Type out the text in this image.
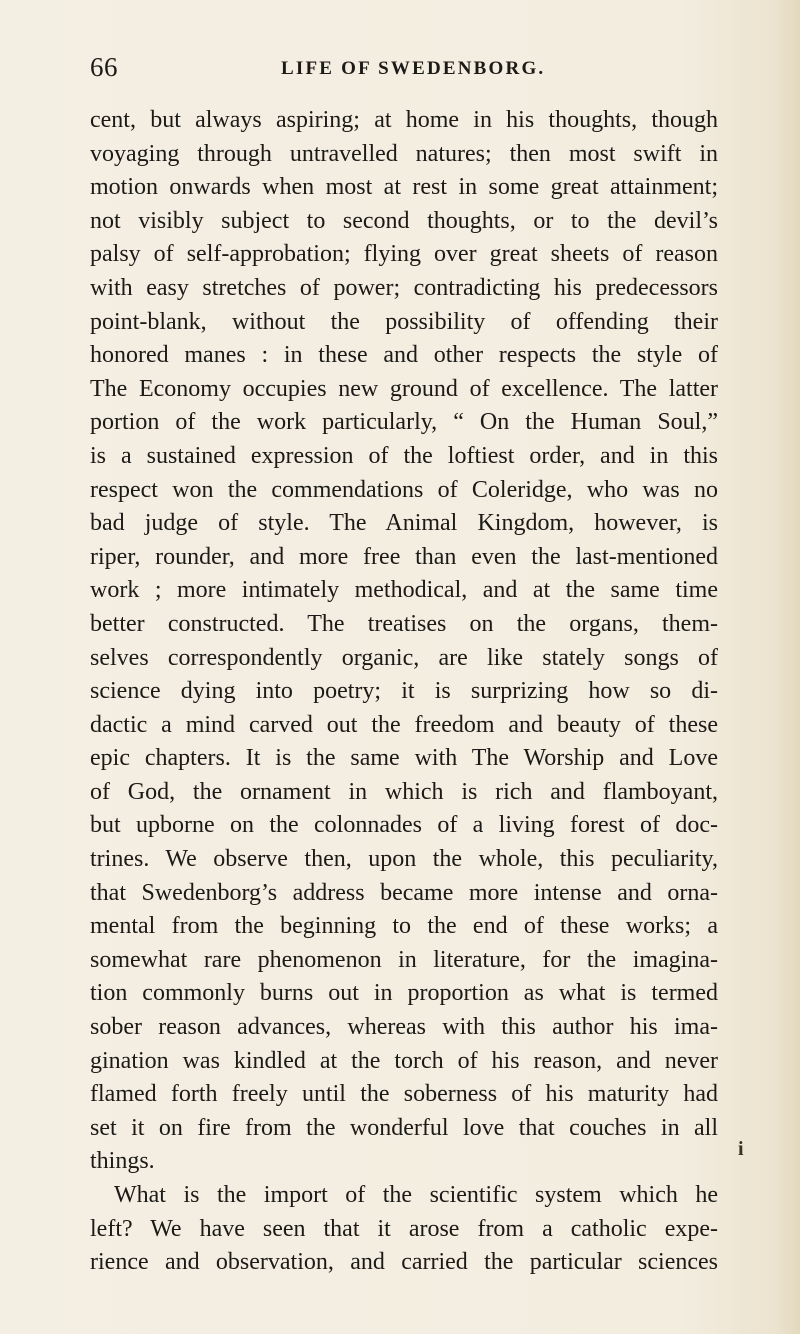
66	LIFE OF SWEDENBORG.
cent, but always aspiring; at home in his thoughts, though
voyaging through untravelled natures; then most swift in
motion onwards when most at rest in some great attainment;
not visibly subject to second thoughts, or to the devil’s
palsy of self-approbation; flying over great sheets of reason
with easy stretches of power; contradicting his predecessors
point-blank, without the possibility of offending their
honored manes : in these and other respects the style of
The Economy occupies new ground of excellence. The latter
portion of the work particularly, “ On the Human Soul,”
is a sustained expression of the loftiest order, and in this
respect won the commendations of Coleridge, who was no
bad judge of style. The Animal Kingdom, however, is
riper, rounder, and more free than even the last-mentioned
work ; more intimately methodical, and at the same time
better constructed. The treatises on the organs, them-
selves correspondently organic, are like stately songs of
science dying into poetry; it is surprizing how so di-
dactic a mind carved out the freedom and beauty of these
epic chapters. It is the same with The Worship and Love
of God, the ornament in which is rich and flamboyant,
but upborne on the colonnades of a living forest of doc-
trines. We observe then, upon the whole, this peculiarity,
that Swedenborg’s address became more intense and orna-
mental from the beginning to the end of these works; a
somewhat rare phenomenon in literature, for the imagina-
tion commonly burns out in proportion as what is termed
sober reason advances, whereas with this author his ima-
gination was kindled at the torch of his reason, and never
flamed forth freely until the soberness of his maturity had
set it on fire from the wonderful love that couches in all
things.
What is the import of the scientific system which he
left? We have seen that it arose from a catholic expe-
rience and observation, and carried the particular sciences
i
